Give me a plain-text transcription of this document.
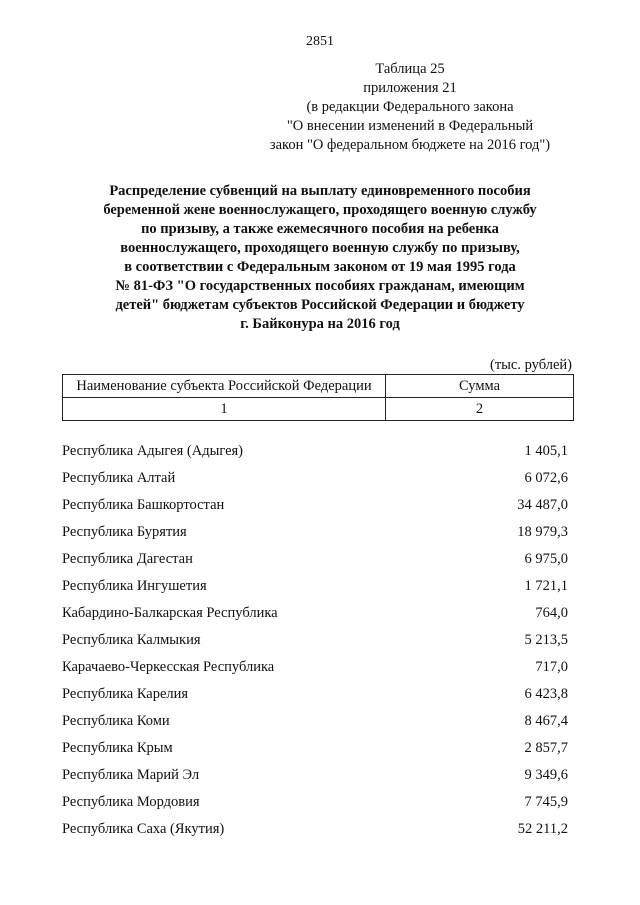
2851
Таблица 25
приложения 21
(в редакции Федерального закона
"О внесении изменений в Федеральный
закон "О федеральном бюджете на 2016 год")
Распределение субвенций на выплату единовременного пособия
беременной жене военнослужащего, проходящего военную службу
по призыву, а также ежемесячного пособия на ребенка
военнослужащего, проходящего военную службу по призыву,
в соответствии с Федеральным законом от 19 мая 1995 года
№ 81-ФЗ "О государственных пособиях гражданам, имеющим
детей" бюджетам субъектов Российской Федерации и бюджету
г. Байконура на 2016 год
(тыс. рублей)
Наименование субъекта Российской Федерации	Сумма
1	2
Республика Адыгея (Адыгея)	1 405,1
Республика Алтай	6 072,6
Республика Башкортостан	34 487,0
Республика Бурятия	18 979,3
Республика Дагестан	6 975,0
Республика Ингушетия	1 721,1
Кабардино-Балкарская Республика	764,0
Республика Калмыкия	5 213,5
Карачаево-Черкесская Республика	717,0
Республика Карелия	6 423,8
Республика Коми	8 467,4
Республика Крым	2 857,7
Республика Марий Эл	9 349,6
Республика Мордовия	7 745,9
Республика Саха (Якутия)	52 211,2
